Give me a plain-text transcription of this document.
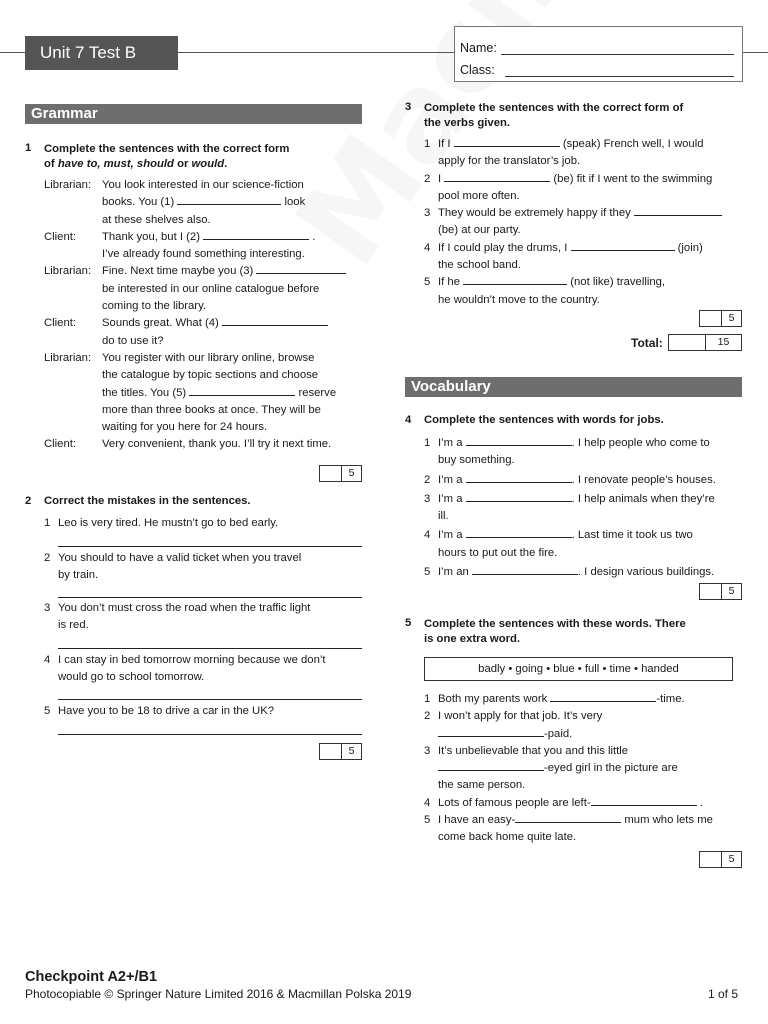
Unit 7 Test B	Name:
Class:
Grammar
1 Complete the sentences with the correct form
of have to, must, should or would.
Librarian: You look interested in our science-fiction
books. You (1)	look
at these shelves also.
Client:	Thank you, but I (2)	.
I’ve already found something interesting.
Librarian: Fine. Next time maybe you (3)
be interested in our online catalogue before
coming to the library.
Client:	Sounds great. What (4)
do to use it?
Librarian: You register with our library online, browse
the catalogue by topic sections and choose
the titles. You (5)	reserve
more than three books at once. They will be
waiting for you here for 24 hours.
Client:	Very convenient, thank you. I’ll try it next time.
5
2 Correct the mistakes in the sentences.
1 Leo is very tired. He mustn’t go to bed early.
2 You should to have a valid ticket when you travel
by train.
3 You don’t must cross the road when the traffic light
is red.
4 I can stay in bed tomorrow morning because we don’t
would go to school tomorrow.
5 Have you to be 18 to drive a car in the UK?
5
3 Complete the sentences with the correct form of
the verbs given.
1 If I	(speak) French well, I would
apply for the translator’s job.
2 I	(be) fit if I went to the swimming
pool more often.
3 They would be extremely happy if they
(be) at our party.
4 If I could play the drums, I	(join)
the school band.
5 If he	(not like) travelling,
he wouldn’t move to the country.
5
Total:	15
Vocabulary
4 Complete the sentences with words for jobs.
1 I’m a	. I help people who come to
buy something.
2 I’m a	. I renovate people’s houses.
3 I’m a	. I help animals when they’re
ill.
4 I’m a	. Last time it took us two
hours to put out the fire.
5 I’m an	. I design various buildings.
5
5 Complete the sentences with these words. There
is one extra word.
badly • going • blue • full • time • handed
1 Both my parents work	-time.
2 I won’t apply for that job. It’s very
-paid.
3 It’s unbelievable that you and this little
-eyed girl in the picture are
the same person.
4 Lots of famous people are left-	.
5 I have an easy-	mum who lets me
come back home quite late.
5
Checkpoint A2+/B1
Photocopiable © Springer Nature Limited 2016 & Macmillan Polska 2019	1 of 5
